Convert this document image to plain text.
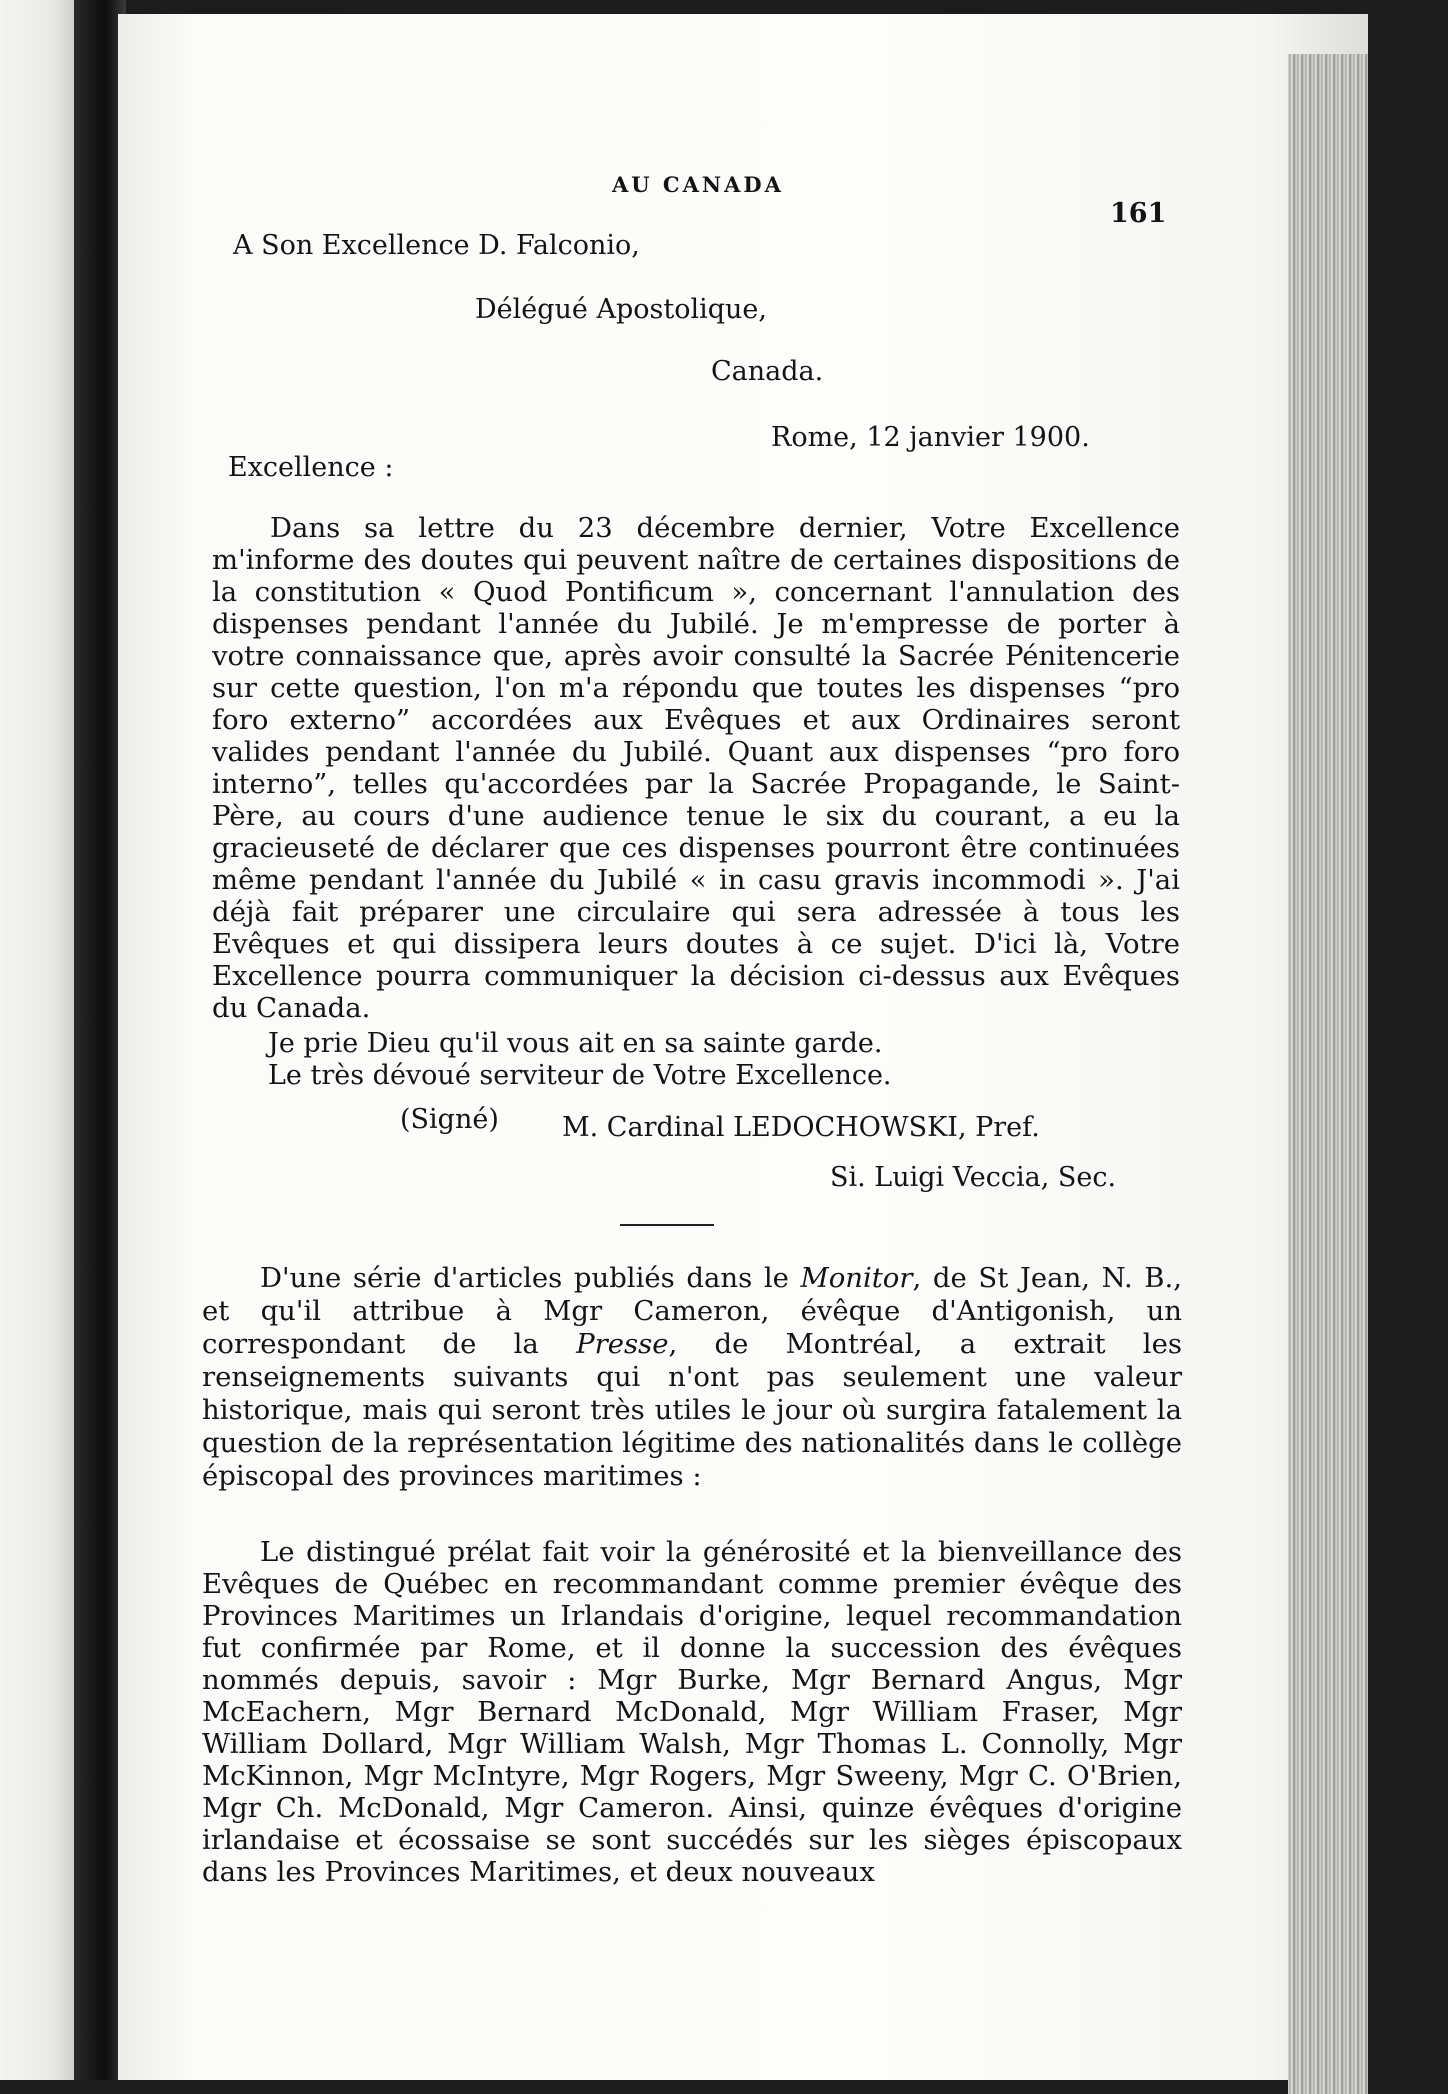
AU CANADA
161
A Son Excellence D. Falconio,
Délégué Apostolique,
Canada.
Rome, 12 janvier 1900.
Excellence :

Dans sa lettre du 23 décembre dernier, Votre Excellence m'informe des doutes qui peuvent naître de certaines dispositions de la constitution « Quod Pontificum », concernant l'annulation des dispenses pendant l'année du Jubilé. Je m'empresse de porter à votre connaissance que, après avoir consulté la Sacrée Pénitencerie sur cette question, l'on m'a répondu que toutes les dispenses “pro foro externo” accordées aux Evêques et aux Ordinaires seront valides pendant l'année du Jubilé. Quant aux dispenses “pro foro interno”, telles qu'accordées par la Sacrée Propagande, le Saint-Père, au cours d'une audience tenue le six du courant, a eu la gracieuseté de déclarer que ces dispenses pourront être continuées même pendant l'année du Jubilé « in casu gravis incommodi ». J'ai déjà fait préparer une circulaire qui sera adressée à tous les Evêques et qui dissipera leurs doutes à ce sujet. D'ici là, Votre Excellence pourra communiquer la décision ci-dessus aux Evêques du Canada.

Je prie Dieu qu'il vous ait en sa sainte garde.
Le très dévoué serviteur de Votre Excellence.
(Signé) M. Cardinal LEDOCHOWSKI, Pref.
Si. Luigi Veccia, Sec.

D'une série d'articles publiés dans le Monitor, de St Jean, N. B., et qu'il attribue à Mgr Cameron, évêque d'Antigonish, un correspondant de la Presse, de Montréal, a extrait les renseignements suivants qui n'ont pas seulement une valeur historique, mais qui seront très utiles le jour où surgira fatalement la question de la représentation légitime des nationalités dans le collège épiscopal des provinces maritimes :

Le distingué prélat fait voir la générosité et la bienveillance des Evêques de Québec en recommandant comme premier évêque des Provinces Maritimes un Irlandais d'origine, lequel recommandation fut confirmée par Rome, et il donne la succession des évêques nommés depuis, savoir : Mgr Burke, Mgr Bernard Angus, Mgr McEachern, Mgr Bernard McDonald, Mgr William Fraser, Mgr William Dollard, Mgr William Walsh, Mgr Thomas L. Connolly, Mgr McKinnon, Mgr McIntyre, Mgr Rogers, Mgr Sweeny, Mgr C. O'Brien, Mgr Ch. McDonald, Mgr Cameron. Ainsi, quinze évêques d'origine irlandaise et écossaise se sont succédés sur les sièges épiscopaux dans les Provinces Maritimes, et deux nouveaux
